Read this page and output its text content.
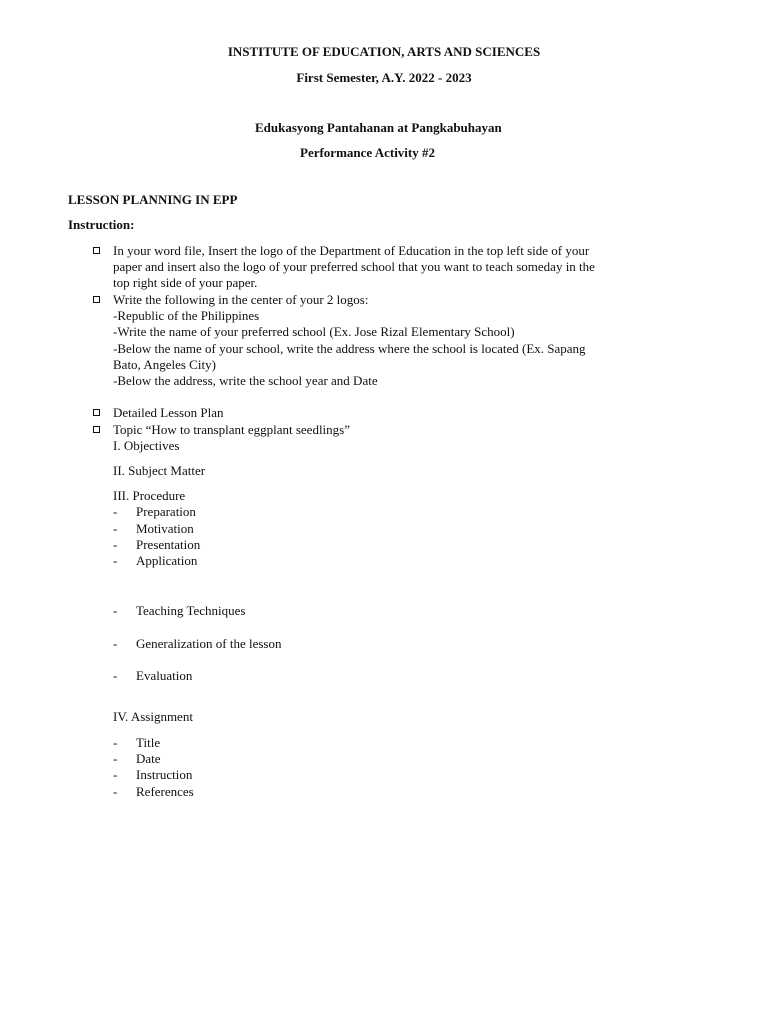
INSTITUTE OF EDUCATION, ARTS AND SCIENCES
First Semester, A.Y. 2022 - 2023
Edukasyong Pantahanan at Pangkabuhayan
Performance Activity #2
LESSON PLANNING IN EPP
Instruction:
In your word file, Insert the logo of the Department of Education in the top left side of your
paper and insert also the logo of your preferred school that you want to teach someday in the
top right side of your paper.
Write the following in the center of your 2 logos:
-Republic of the Philippines
-Write the name of your preferred school (Ex. Jose Rizal Elementary School)
-Below the name of your school, write the address where the school is located (Ex. Sapang
Bato, Angeles City)
-Below the address, write the school year and Date
Detailed Lesson Plan
Topic “How to transplant eggplant seedlings”
I. Objectives
II. Subject Matter
III. Procedure
- Preparation
- Motivation
- Presentation
- Application
- Teaching Techniques
- Generalization of the lesson
- Evaluation
IV. Assignment
- Title
- Date
- Instruction
- References
